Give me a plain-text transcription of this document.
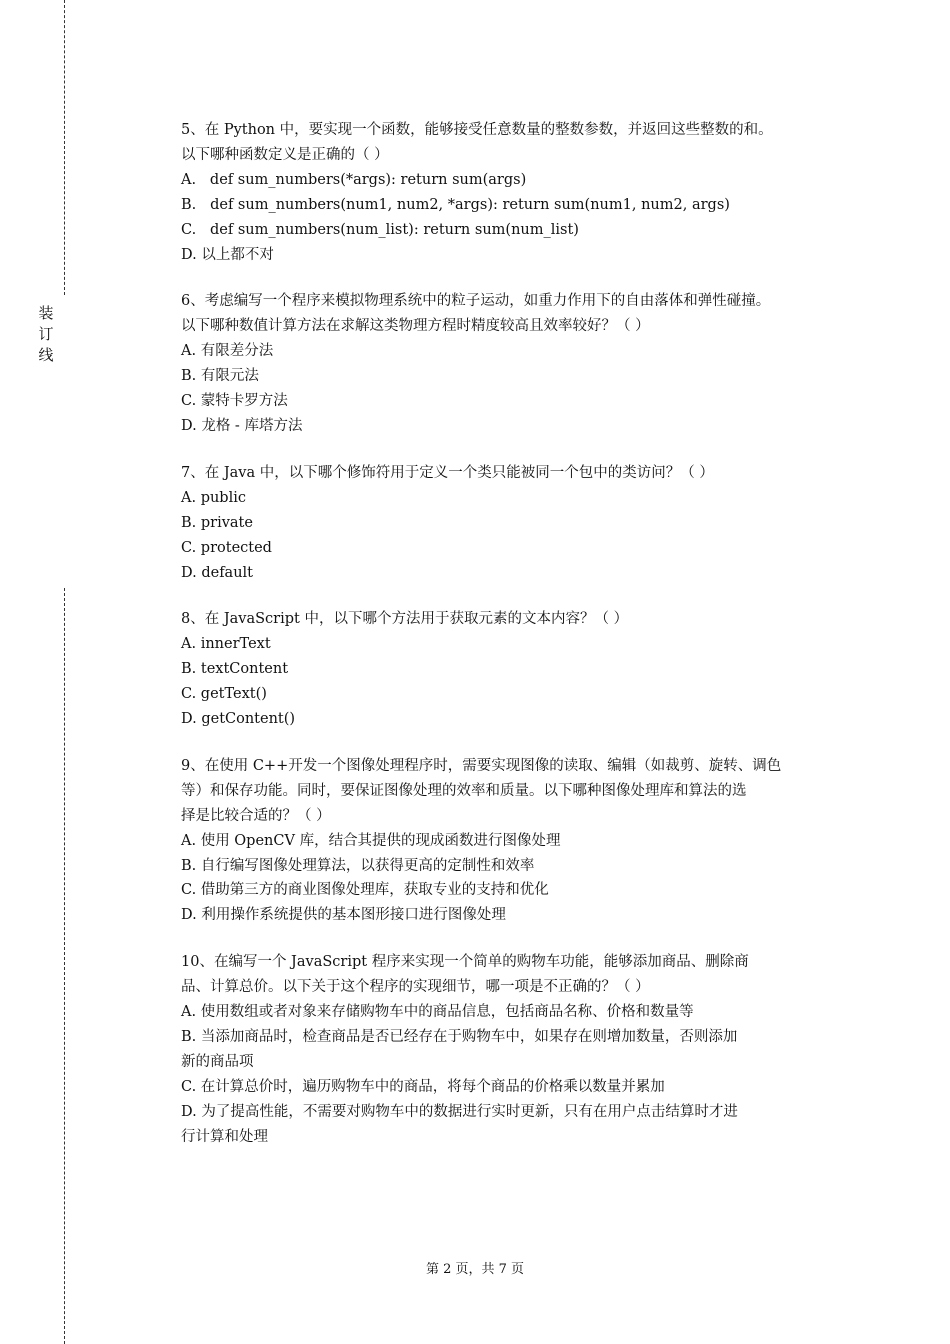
装
订
线
5、在 Python 中，要实现一个函数，能够接受任意数量的整数参数，并返回这些整数的和。
以下哪种函数定义是正确的（ ）
A.   def sum_numbers(*args): return sum(args)
B.   def sum_numbers(num1, num2, *args): return sum(num1, num2, args)
C.   def sum_numbers(num_list): return sum(num_list)
D. 以上都不对
6、考虑编写一个程序来模拟物理系统中的粒子运动，如重力作用下的自由落体和弹性碰撞。
以下哪种数值计算方法在求解这类物理方程时精度较高且效率较好？（ ）
A. 有限差分法
B. 有限元法
C. 蒙特卡罗方法
D. 龙格 - 库塔方法
7、在 Java 中，以下哪个修饰符用于定义一个类只能被同一个包中的类访问？（ ）
A. public
B. private
C. protected
D. default
8、在 JavaScript 中，以下哪个方法用于获取元素的文本内容？（ ）
A. innerText
B. textContent
C. getText()
D. getContent()
9、在使用 C++开发一个图像处理程序时，需要实现图像的读取、编辑（如裁剪、旋转、调色
等）和保存功能。同时，要保证图像处理的效率和质量。以下哪种图像处理库和算法的选
择是比较合适的？（ ）
A. 使用 OpenCV 库，结合其提供的现成函数进行图像处理
B. 自行编写图像处理算法，以获得更高的定制性和效率
C. 借助第三方的商业图像处理库，获取专业的支持和优化
D. 利用操作系统提供的基本图形接口进行图像处理
10、在编写一个 JavaScript 程序来实现一个简单的购物车功能，能够添加商品、删除商
品、计算总价。以下关于这个程序的实现细节，哪一项是不正确的？（ ）
A. 使用数组或者对象来存储购物车中的商品信息，包括商品名称、价格和数量等
B. 当添加商品时，检查商品是否已经存在于购物车中，如果存在则增加数量，否则添加
新的商品项
C. 在计算总价时，遍历购物车中的商品，将每个商品的价格乘以数量并累加
D. 为了提高性能，不需要对购物车中的数据进行实时更新，只有在用户点击结算时才进
行计算和处理
第 2 页，共 7 页
